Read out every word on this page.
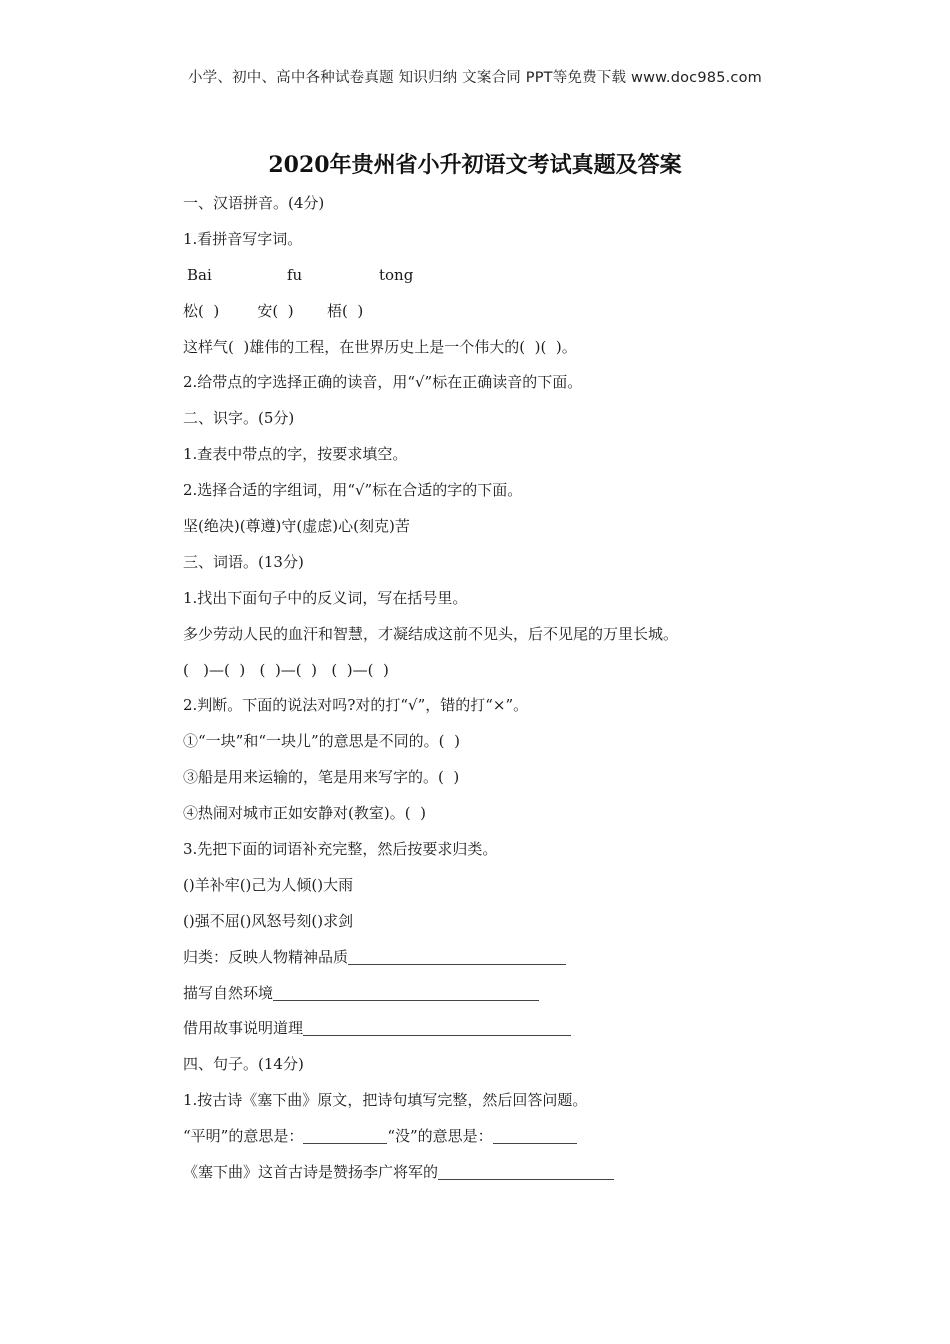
小学、初中、高中各种试卷真题 知识归纳 文案合同 PPT等免费下载 www.doc985.com
2020年贵州省小升初语文考试真题及答案
一、汉语拼音。(4分)
1.看拼音写字词。
Bai	fu	tong
松(  )        安(  )       梧(  )
这样气(  )雄伟的工程，在世界历史上是一个伟大的(  )(  )。
2.给带点的字选择正确的读音，用“√”标在正确读音的下面。
二、识字。(5分)
1.查表中带点的字，按要求填空。
2.选择合适的字组词，用“√”标在合适的字的下面。
坚(绝决)(尊遵)守(虚虑)心(刻克)苦
三、词语。(13分)
1.找出下面句子中的反义词，写在括号里。
多少劳动人民的血汗和智慧，才凝结成这前不见头，后不见尾的万里长城。
(   )—(  )   (  )—(  )   (  )—(  )
2.判断。下面的说法对吗?对的打“√”，错的打“×”。
①“一块”和“一块儿”的意思是不同的。(  )
③船是用来运输的，笔是用来写字的。(  )
④热闹对城市正如安静对(教室)。(  )
3.先把下面的词语补充完整，然后按要求归类。
()羊补牢()己为人倾()大雨
()强不屈()风怒号刻()求剑
归类：反映人物精神品质
描写自然环境
借用故事说明道理
四、句子。(14分)
1.按古诗《塞下曲》原文，把诗句填写完整，然后回答问题。
“平明”的意思是：	“没”的意思是：
《塞下曲》这首古诗是赞扬李广将军的
